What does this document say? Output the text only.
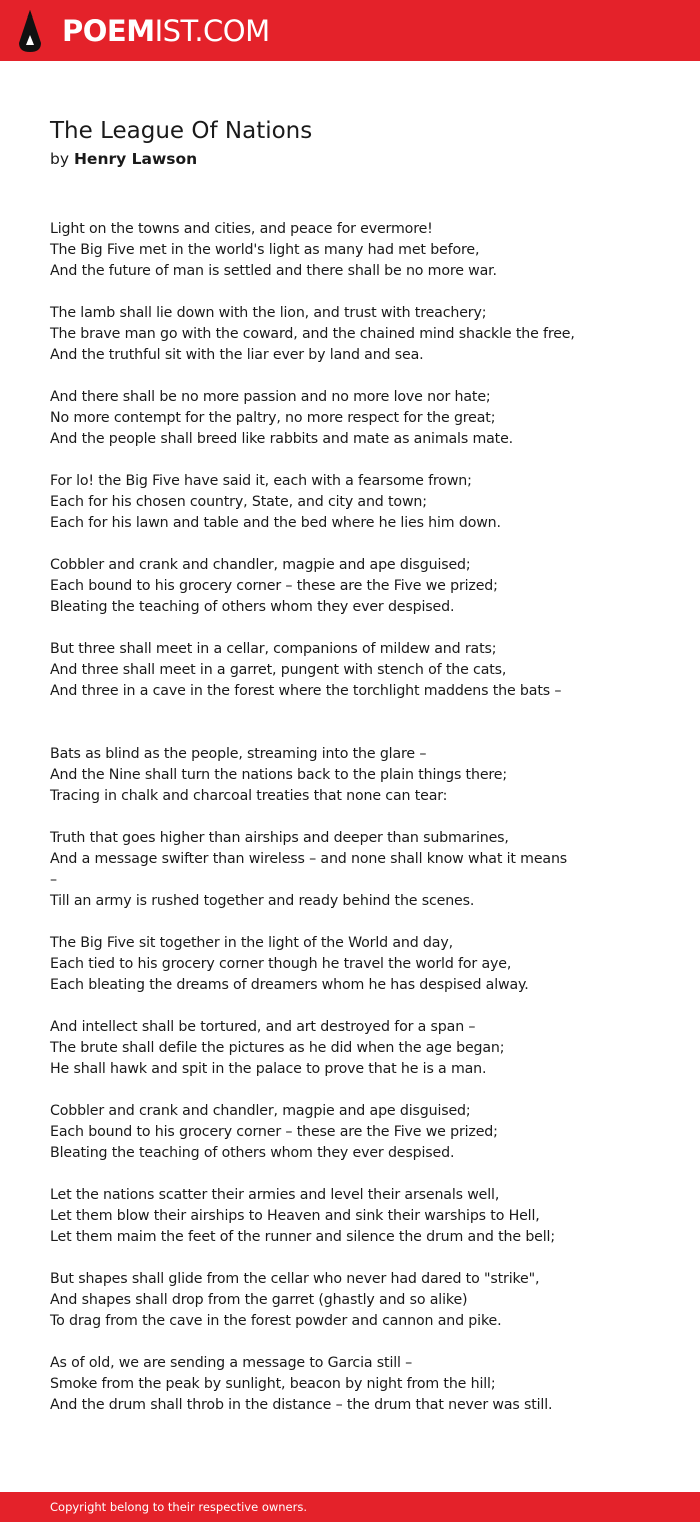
POEMIST.COM
The League Of Nations
by Henry Lawson
Light on the towns and cities, and peace for evermore!
The Big Five met in the world's light as many had met before,
And the future of man is settled and there shall be no more war.
The lamb shall lie down with the lion, and trust with treachery;
The brave man go with the coward, and the chained mind shackle the free,
And the truthful sit with the liar ever by land and sea.
And there shall be no more passion and no more love nor hate;
No more contempt for the paltry, no more respect for the great;
And the people shall breed like rabbits and mate as animals mate.
For lo! the Big Five have said it, each with a fearsome frown;
Each for his chosen country, State, and city and town;
Each for his lawn and table and the bed where he lies him down.
Cobbler and crank and chandler, magpie and ape disguised;
Each bound to his grocery corner – these are the Five we prized;
Bleating the teaching of others whom they ever despised.
But three shall meet in a cellar, companions of mildew and rats;
And three shall meet in a garret, pungent with stench of the cats,
And three in a cave in the forest where the torchlight maddens the bats –
Bats as blind as the people, streaming into the glare –
And the Nine shall turn the nations back to the plain things there;
Tracing in chalk and charcoal treaties that none can tear:
Truth that goes higher than airships and deeper than submarines,
And a message swifter than wireless – and none shall know what it means
–
Till an army is rushed together and ready behind the scenes.
The Big Five sit together in the light of the World and day,
Each tied to his grocery corner though he travel the world for aye,
Each bleating the dreams of dreamers whom he has despised alway.
And intellect shall be tortured, and art destroyed for a span –
The brute shall defile the pictures as he did when the age began;
He shall hawk and spit in the palace to prove that he is a man.
Cobbler and crank and chandler, magpie and ape disguised;
Each bound to his grocery corner – these are the Five we prized;
Bleating the teaching of others whom they ever despised.
Let the nations scatter their armies and level their arsenals well,
Let them blow their airships to Heaven and sink their warships to Hell,
Let them maim the feet of the runner and silence the drum and the bell;
But shapes shall glide from the cellar who never had dared to "strike",
And shapes shall drop from the garret (ghastly and so alike)
To drag from the cave in the forest powder and cannon and pike.
As of old, we are sending a message to Garcia still –
Smoke from the peak by sunlight, beacon by night from the hill;
And the drum shall throb in the distance – the drum that never was still.
Copyright belong to their respective owners.
